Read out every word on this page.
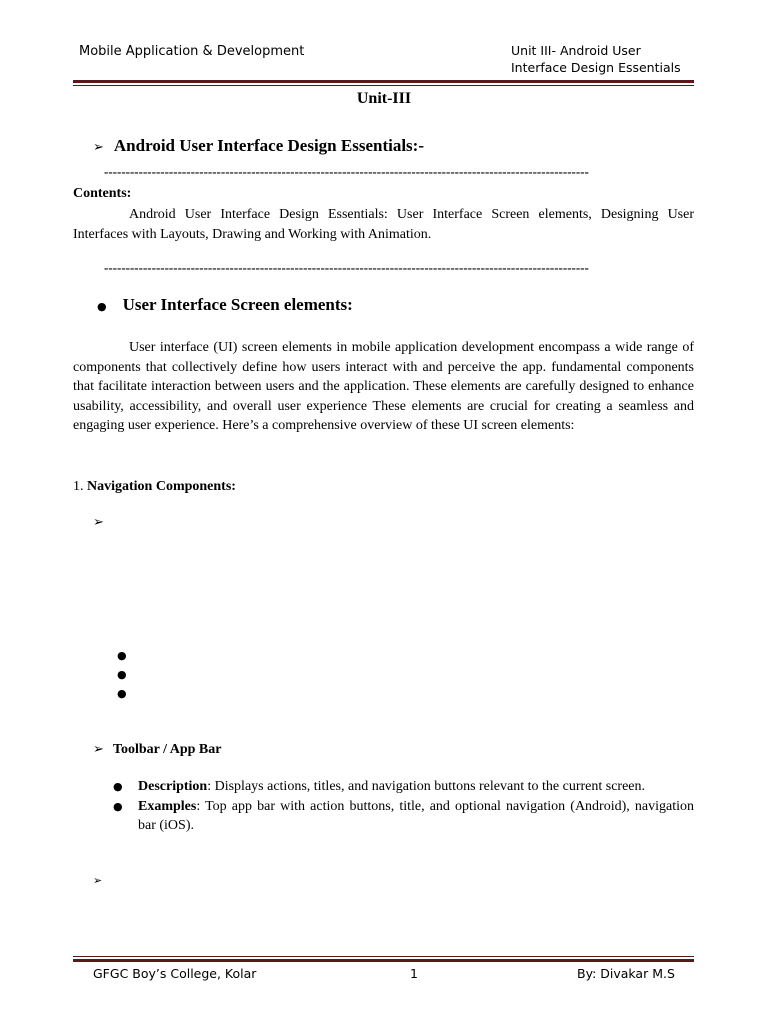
Mobile Application & Development	Unit III- Android User
Interface Design Essentials
Unit-III
➢ Android User Interface Design Essentials:-
----------------------------------------------------------------------------------------------------------------
Contents:
Android User Interface Design Essentials: User Interface Screen elements, Designing User Interfaces with Layouts, Drawing and Working with Animation.
----------------------------------------------------------------------------------------------------------------
● User Interface Screen elements:
User interface (UI) screen elements in mobile application development encompass a wide range of components that collectively define how users interact with and perceive the app. fundamental components that facilitate interaction between users and the application. These elements are carefully designed to enhance usability, accessibility, and overall user experience These elements are crucial for creating a seamless and engaging user experience. Here’s a comprehensive overview of these UI screen elements:
1. Navigation Components:
➢
●
●
●
➢ Toolbar / App Bar
● Description: Displays actions, titles, and navigation buttons relevant to the current screen.
● Examples: Top app bar with action buttons, title, and optional navigation (Android), navigation bar (iOS).
➢
GFGC Boy’s College, Kolar	1	By: Divakar M.S
